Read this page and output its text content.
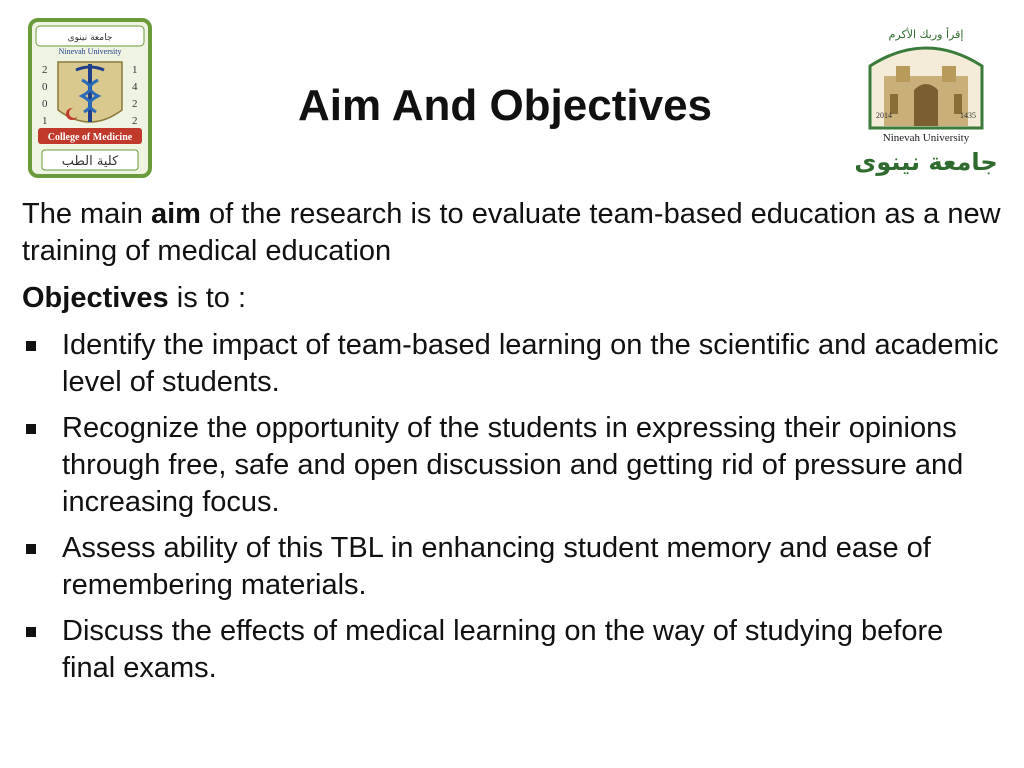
جامعة نينوى
Ninevah University
2
0
0
1
1
4
2
2
College of Medicine
كلية الطب
Aim And Objectives
إقرأ وربك الأكرم
2014	1435
Ninevah University
جامعة نينوى

The main aim of the research is to evaluate team-based education as a new training of medical education

Objectives is to :

Identify the impact of team-based learning on the scientific and academic level of students.
Recognize the opportunity of the students in expressing their opinions through free, safe and open discussion and getting rid of pressure and increasing focus.
Assess ability of this TBL in enhancing student memory and ease of remembering materials.
Discuss the effects of medical learning on the way of studying before final exams.
